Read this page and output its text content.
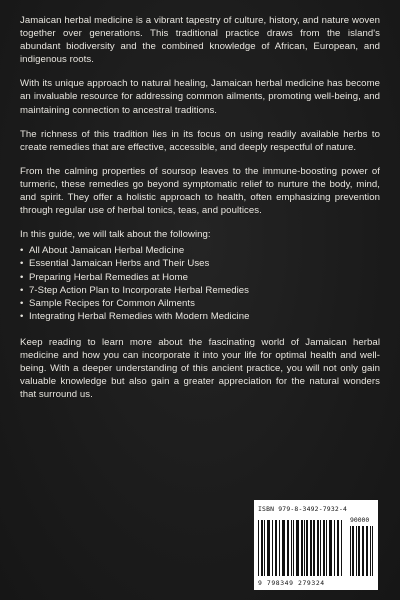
Jamaican herbal medicine is a vibrant tapestry of culture, history, and nature woven together over generations. This traditional practice draws from the island's abundant biodiversity and the combined knowledge of African, European, and indigenous roots.

With its unique approach to natural healing, Jamaican herbal medicine has become an invaluable resource for addressing common ailments, promoting well-being, and maintaining connection to ancestral traditions.

The richness of this tradition lies in its focus on using readily available herbs to create remedies that are effective, accessible, and deeply respectful of nature.

From the calming properties of soursop leaves to the immune-boosting power of turmeric, these remedies go beyond symptomatic relief to nurture the body, mind, and spirit. They offer a holistic approach to health, often emphasizing prevention through regular use of herbal tonics, teas, and poultices.

In this guide, we will talk about the following:

• All About Jamaican Herbal Medicine
• Essential Jamaican Herbs and Their Uses
• Preparing Herbal Remedies at Home
• 7-Step Action Plan to Incorporate Herbal Remedies
• Sample Recipes for Common Ailments
• Integrating Herbal Remedies with Modern Medicine

Keep reading to learn more about the fascinating world of Jamaican herbal medicine and how you can incorporate it into your life for optimal health and well-being. With a deeper understanding of this ancient practice, you will not only gain valuable knowledge but also gain a greater appreciation for the natural wonders that surround us.

ISBN 979-8-3492-7932-4
90000
9 798349 279324
